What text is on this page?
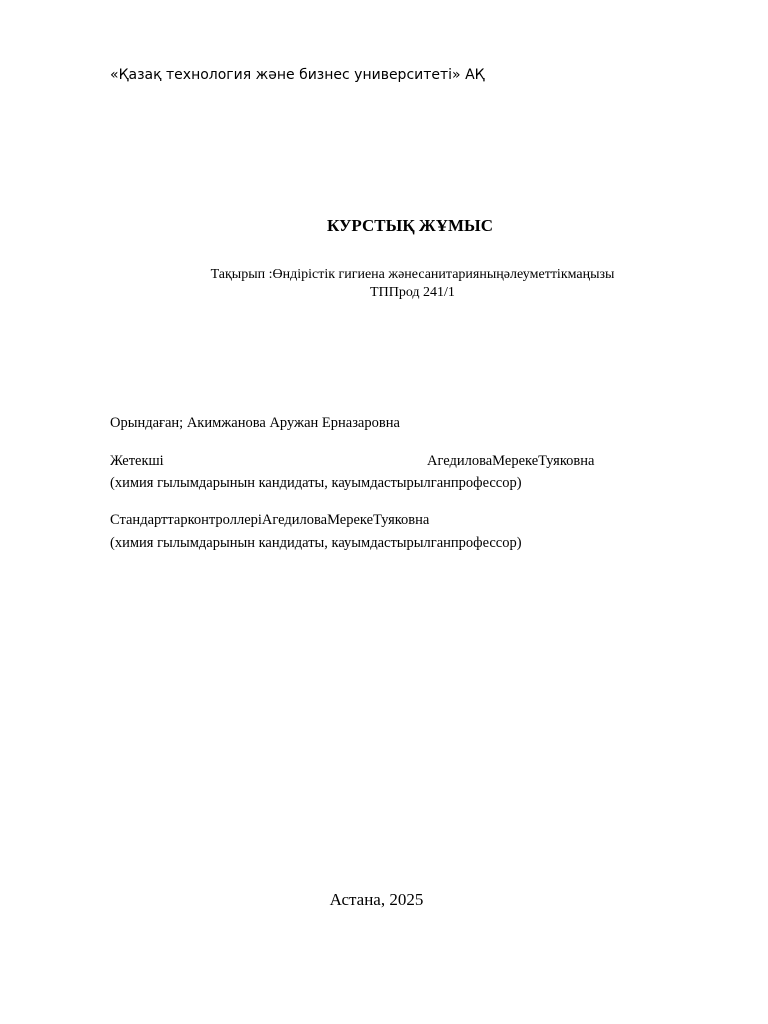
«Қазақ технология және бизнес университеті» АҚ
КУРСТЫҚ ЖҰМЫС
Тақырып :Өндірістік гигиена жәнесанитарияныңәлеуметтікмаңызы
ТППрод 241/1
Орындаған; Акимжанова Аружан Ерназаровна
Жетекші	АгедиловаМерекеТуяковна
(химия гылымдарынын кандидаты, кауымдастырылганпрофессор)
СтандарттарконтроллеріАгедиловаМерекеТуяковна
(химия гылымдарынын кандидаты, кауымдастырылганпрофессор)
Астана, 2025
